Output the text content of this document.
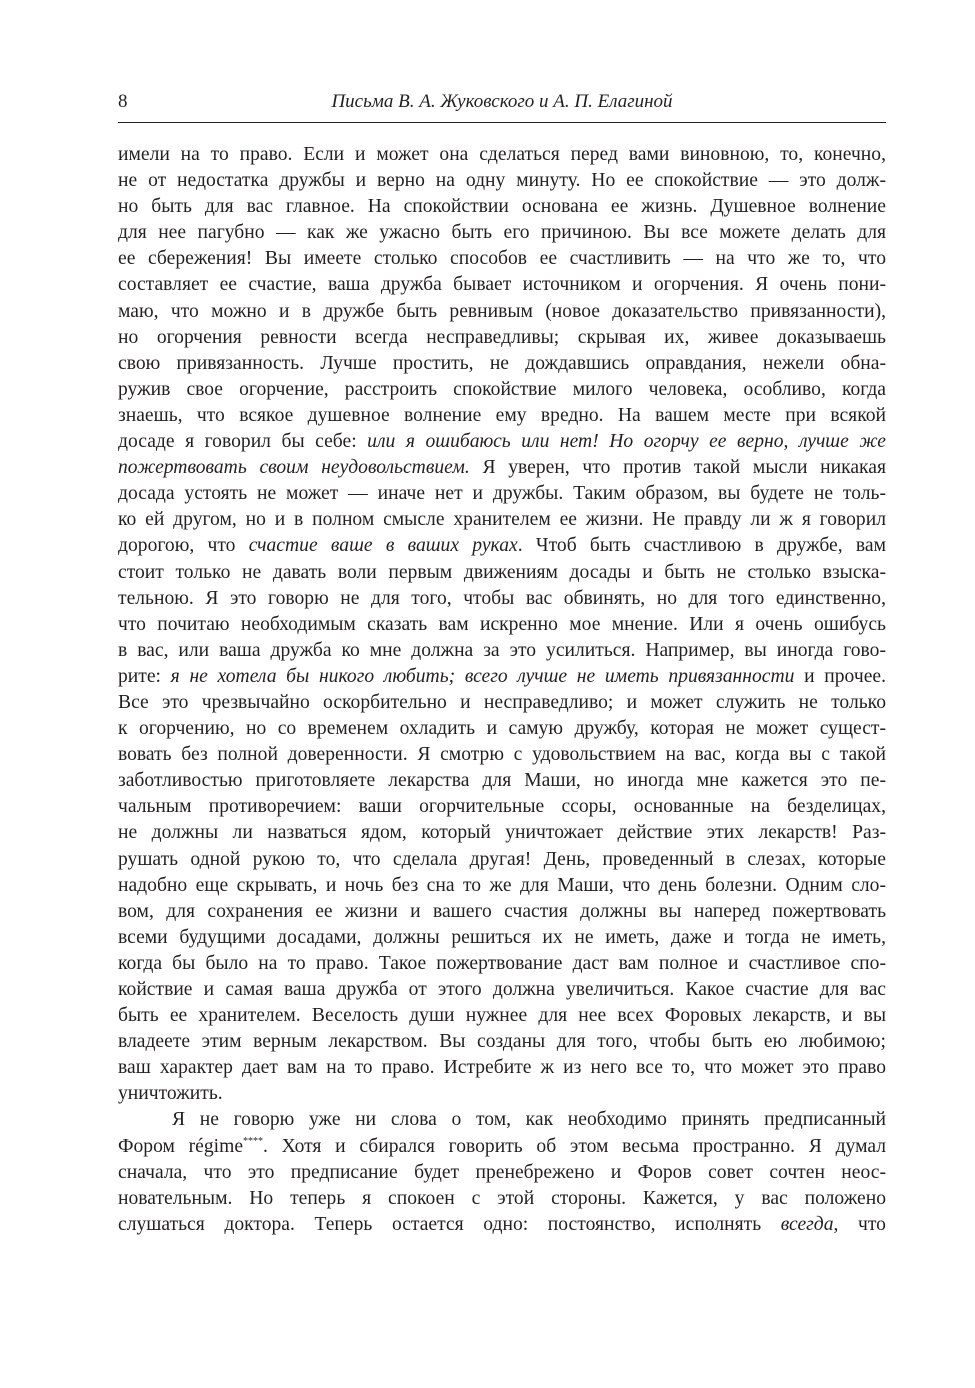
8	Письма В. А. Жуковского и А. П. Елагиной
имели на то право. Если и может она сделаться перед вами виновною, то, конечно,
не от недостатка дружбы и верно на одну минуту. Но ее спокойствие — это долж-
но быть для вас главное. На спокойствии основана ее жизнь. Душевное волнение
для нее пагубно — как же ужасно быть его причиною. Вы все можете делать для
ее сбережения! Вы имеете столько способов ее счастливить — на что же то, что
составляет ее счастие, ваша дружба бывает источником и огорчения. Я очень пони-
маю, что можно и в дружбе быть ревнивым (новое доказательство привязанности),
но огорчения ревности всегда несправедливы; скрывая их, живее доказываешь
свою привязанность. Лучше простить, не дождавшись оправдания, нежели обна-
ружив свое огорчение, расстроить спокойствие милого человека, особливо, когда
знаешь, что всякое душевное волнение ему вредно. На вашем месте при всякой
досаде я говорил бы себе: или я ошибаюсь или нет! Но огорчу ее верно, лучше же
пожертвовать своим неудовольствием. Я уверен, что против такой мысли никакая
досада устоять не может — иначе нет и дружбы. Таким образом, вы будете не толь-
ко ей другом, но и в полном смысле хранителем ее жизни. Не правду ли ж я говорил
дорогою, что счастие ваше в ваших руках. Чтоб быть счастливою в дружбе, вам
стоит только не давать воли первым движениям досады и быть не столько взыска-
тельною. Я это говорю не для того, чтобы вас обвинять, но для того единственно,
что почитаю необходимым сказать вам искренно мое мнение. Или я очень ошибусь
в вас, или ваша дружба ко мне должна за это усилиться. Например, вы иногда гово-
рите: я не хотела бы никого любить; всего лучше не иметь привязанности и прочее.
Все это чрезвычайно оскорбительно и несправедливо; и может служить не только
к огорчению, но со временем охладить и самую дружбу, которая не может сущест-
вовать без полной доверенности. Я смотрю с удовольствием на вас, когда вы с такой
заботливостью приготовляете лекарства для Маши, но иногда мне кажется это пе-
чальным противоречием: ваши огорчительные ссоры, основанные на безделицах,
не должны ли назваться ядом, который уничтожает действие этих лекарств! Раз-
рушать одной рукою то, что сделала другая! День, проведенный в слезах, которые
надобно еще скрывать, и ночь без сна то же для Маши, что день болезни. Одним сло-
вом, для сохранения ее жизни и вашего счастия должны вы наперед пожертвовать
всеми будущими досадами, должны решиться их не иметь, даже и тогда не иметь,
когда бы было на то право. Такое пожертвование даст вам полное и счастливое спо-
койствие и самая ваша дружба от этого должна увеличиться. Какое счастие для вас
быть ее хранителем. Веселость души нужнее для нее всех Форовых лекарств, и вы
владеете этим верным лекарством. Вы созданы для того, чтобы быть ею любимою;
ваш характер дает вам на то право. Истребите ж из него все то, что может это право
уничтожить.
Я не говорю уже ни слова о том, как необходимо принять предписанный
Фором régime****. Хотя и сбирался говорить об этом весьма пространно. Я думал
сначала, что это предписание будет пренебрежено и Форов совет сочтен неос-
новательным. Но теперь я спокоен с этой стороны. Кажется, у вас положено
слушаться доктора. Теперь остается одно: постоянство, исполнять всегда, что
